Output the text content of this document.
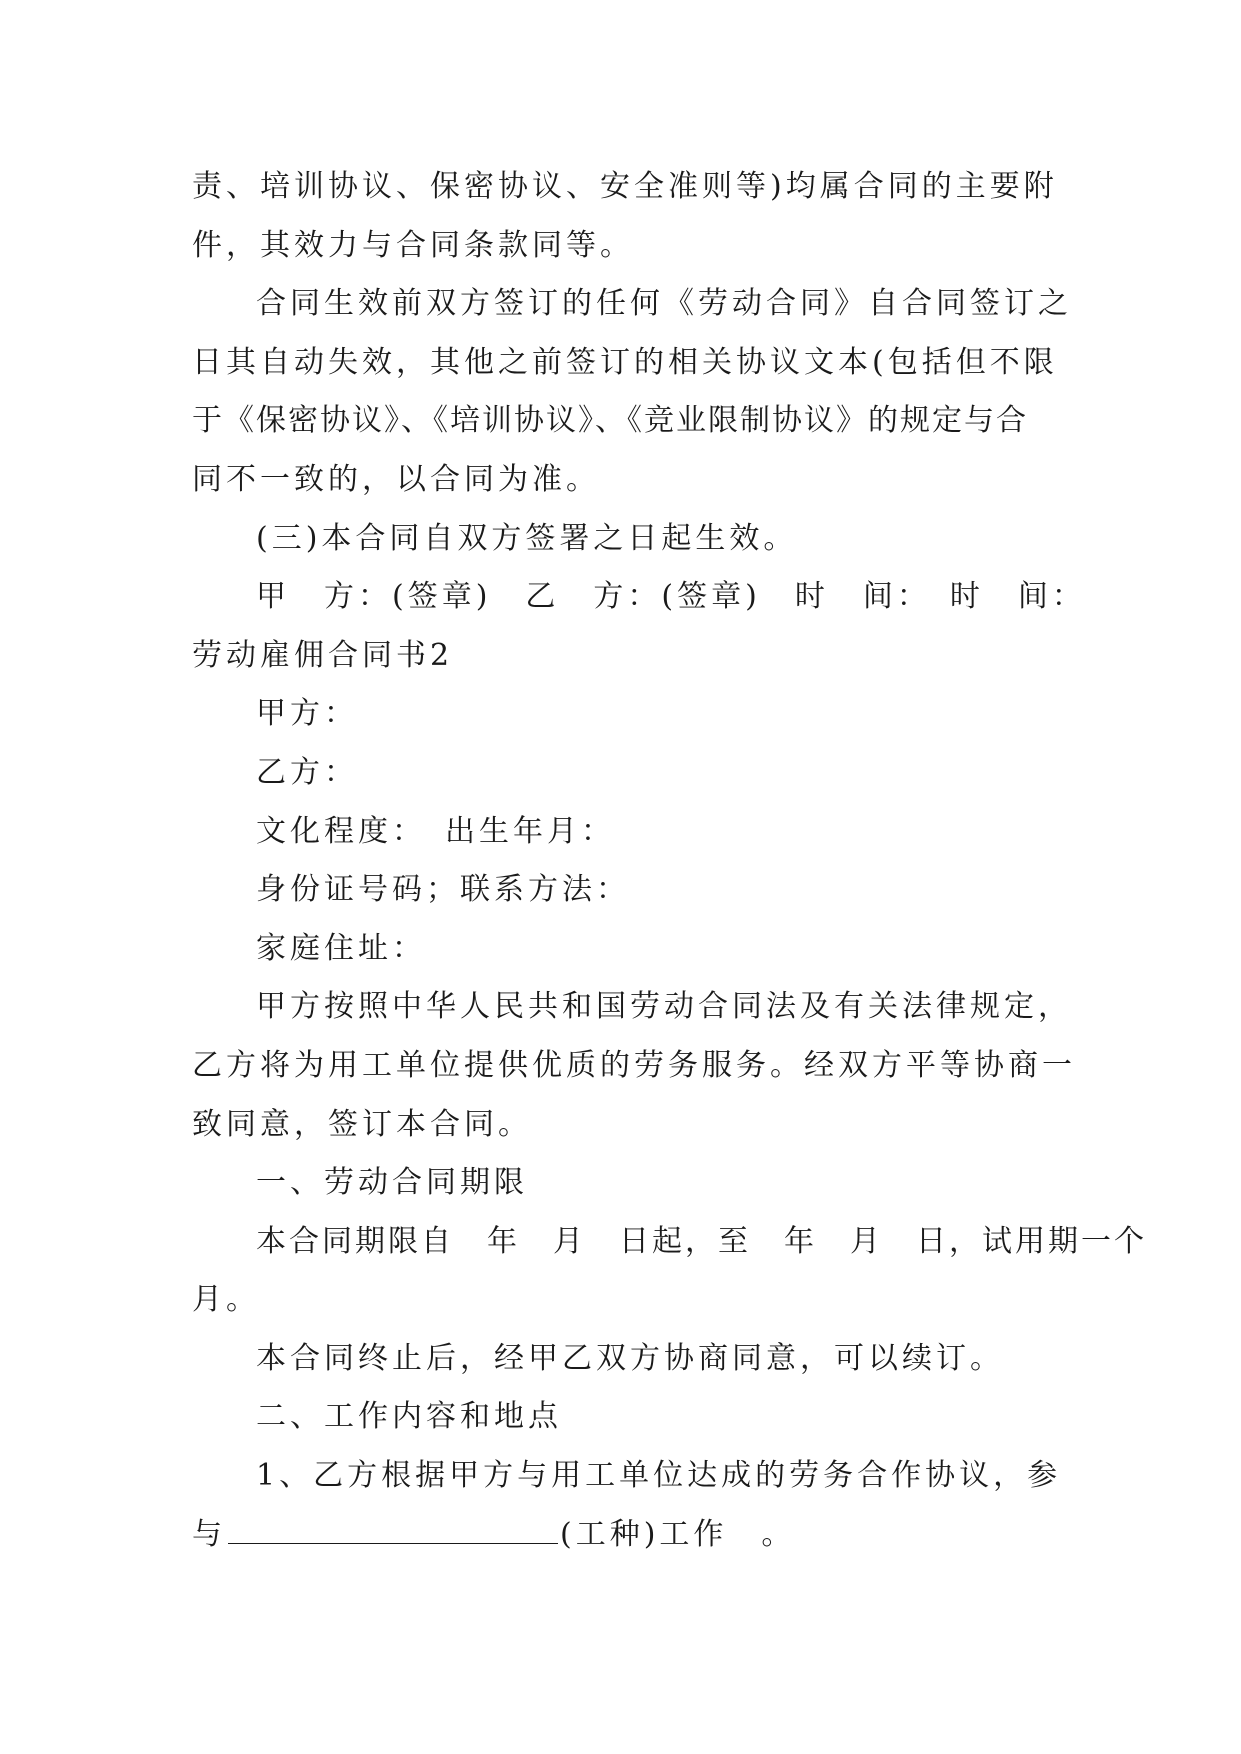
责、培训协议、保密协议、安全准则等)均属合同的主要附
件，其效力与合同条款同等。
合同生效前双方签订的任何《劳动合同》自合同签订之
日其自动失效，其他之前签订的相关协议文本(包括但不限
于《保密协议》、《培训协议》、《竞业限制协议》的规定与合
同不一致的，以合同为准。
(三)本合同自双方签署之日起生效。
甲　方：(签章)　乙　方：(签章)　时　间：　时　间：
劳动雇佣合同书2
甲方：
乙方：
文化程度：　出生年月：
身份证号码；联系方法：
家庭住址：
甲方按照中华人民共和国劳动合同法及有关法律规定，
乙方将为用工单位提供优质的劳务服务。经双方平等协商一
致同意，签订本合同。
一、劳动合同期限
本合同期限自　年　月　日起，至　年　月　日，试用期一个
月。
本合同终止后，经甲乙双方协商同意，可以续订。
二、工作内容和地点
1、乙方根据甲方与用工单位达成的劳务合作协议，参
与	(工种)工作　。
